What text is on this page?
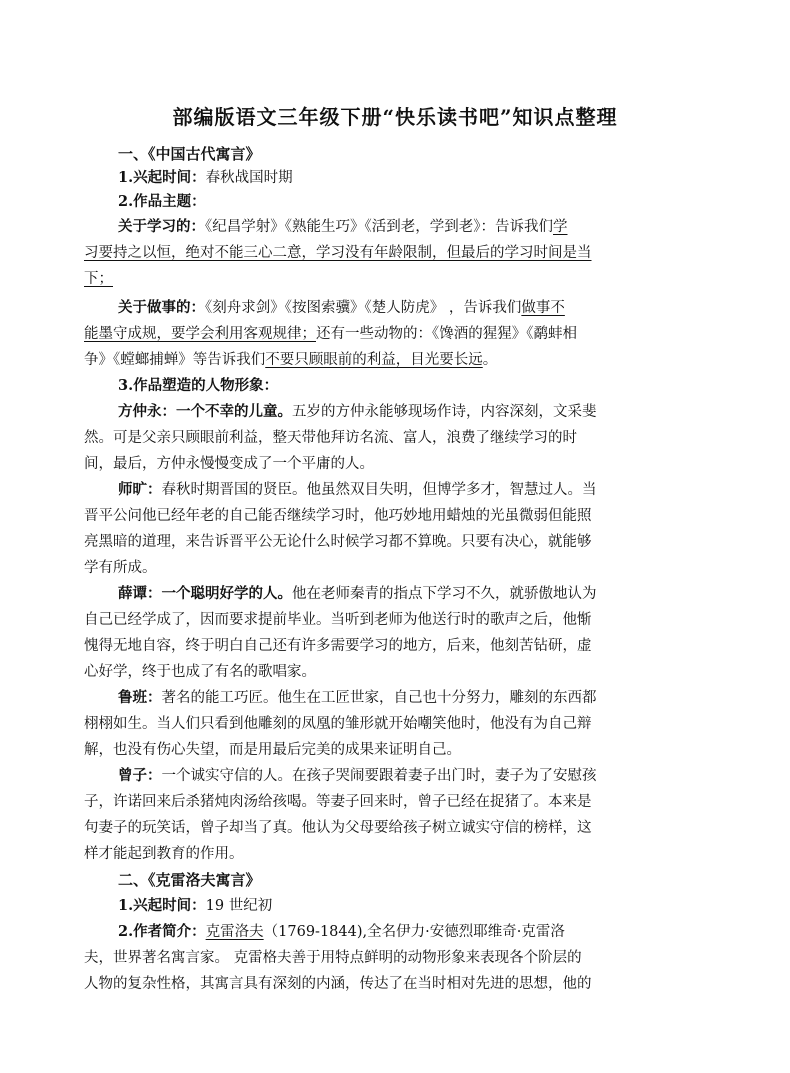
部编版语文三年级下册“快乐读书吧”知识点整理
一、《中国古代寓言》
1.兴起时间：春秋战国时期
2.作品主题：
关于学习的：《纪昌学射》《熟能生巧》《活到老，学到老》：告诉我们学
习要持之以恒，绝对不能三心二意，学习没有年龄限制，但最后的学习时间是当
下；
关于做事的：《刻舟求剑》《按图索骥》《楚人防虎》 ，告诉我们做事不
能墨守成规，要学会利用客观规律；还有一些动物的：《馋酒的猩猩》《鹬蚌相
争》《螳螂捕蝉》等告诉我们不要只顾眼前的利益，目光要长远。
3.作品塑造的人物形象：
方仲永：一个不幸的儿童。五岁的方仲永能够现场作诗，内容深刻，文采斐
然。可是父亲只顾眼前利益，整天带他拜访名流、富人，浪费了继续学习的时
间，最后，方仲永慢慢变成了一个平庸的人。
师旷：春秋时期晋国的贤臣。他虽然双目失明，但博学多才，智慧过人。当
晋平公问他已经年老的自己能否继续学习时，他巧妙地用蜡烛的光虽微弱但能照
亮黑暗的道理，来告诉晋平公无论什么时候学习都不算晚。只要有决心，就能够
学有所成。
薛谭：一个聪明好学的人。他在老师秦青的指点下学习不久，就骄傲地认为
自己已经学成了，因而要求提前毕业。当听到老师为他送行时的歌声之后，他惭
愧得无地自容，终于明白自己还有许多需要学习的地方，后来，他刻苦钻研，虚
心好学，终于也成了有名的歌唱家。
鲁班：著名的能工巧匠。他生在工匠世家，自己也十分努力，雕刻的东西都
栩栩如生。当人们只看到他雕刻的凤凰的雏形就开始嘲笑他时，他没有为自己辩
解，也没有伤心失望，而是用最后完美的成果来证明自己。
曾子：一个诚实守信的人。在孩子哭闹要跟着妻子出门时，妻子为了安慰孩
子，许诺回来后杀猪炖肉汤给孩喝。等妻子回来时，曾子已经在捉猪了。本来是
句妻子的玩笑话，曾子却当了真。他认为父母要给孩子树立诚实守信的榜样，这
样才能起到教育的作用。
二、《克雷洛夫寓言》
1.兴起时间：19 世纪初
2.作者简介：克雷洛夫（1769-1844),全名伊力·安德烈耶维奇·克雷洛
夫，世界著名寓言家。 克雷格夫善于用特点鲜明的动物形象来表现各个阶层的
人物的复杂性格，其寓言具有深刻的内涵，传达了在当时相对先进的思想，他的
